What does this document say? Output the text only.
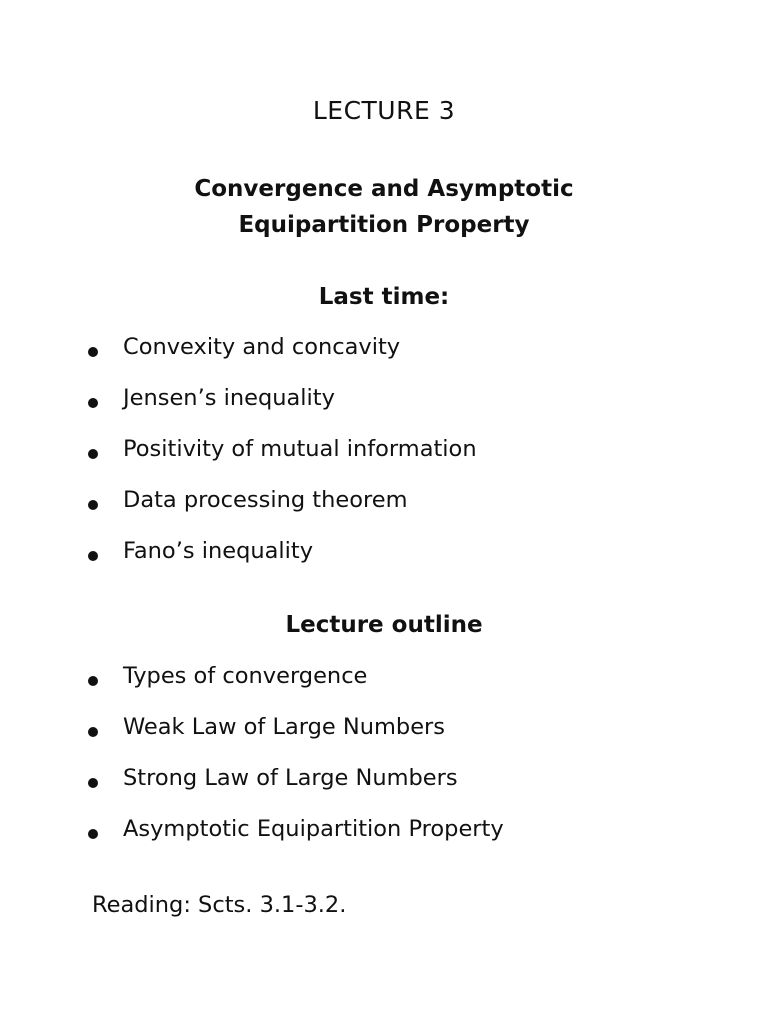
LECTURE 3
Convergence and Asymptotic
Equipartition Property
Last time:
Convexity and concavity
Jensen’s inequality
Positivity of mutual information
Data processing theorem
Fano’s inequality
Lecture outline
Types of convergence
Weak Law of Large Numbers
Strong Law of Large Numbers
Asymptotic Equipartition Property
Reading: Scts. 3.1-3.2.
